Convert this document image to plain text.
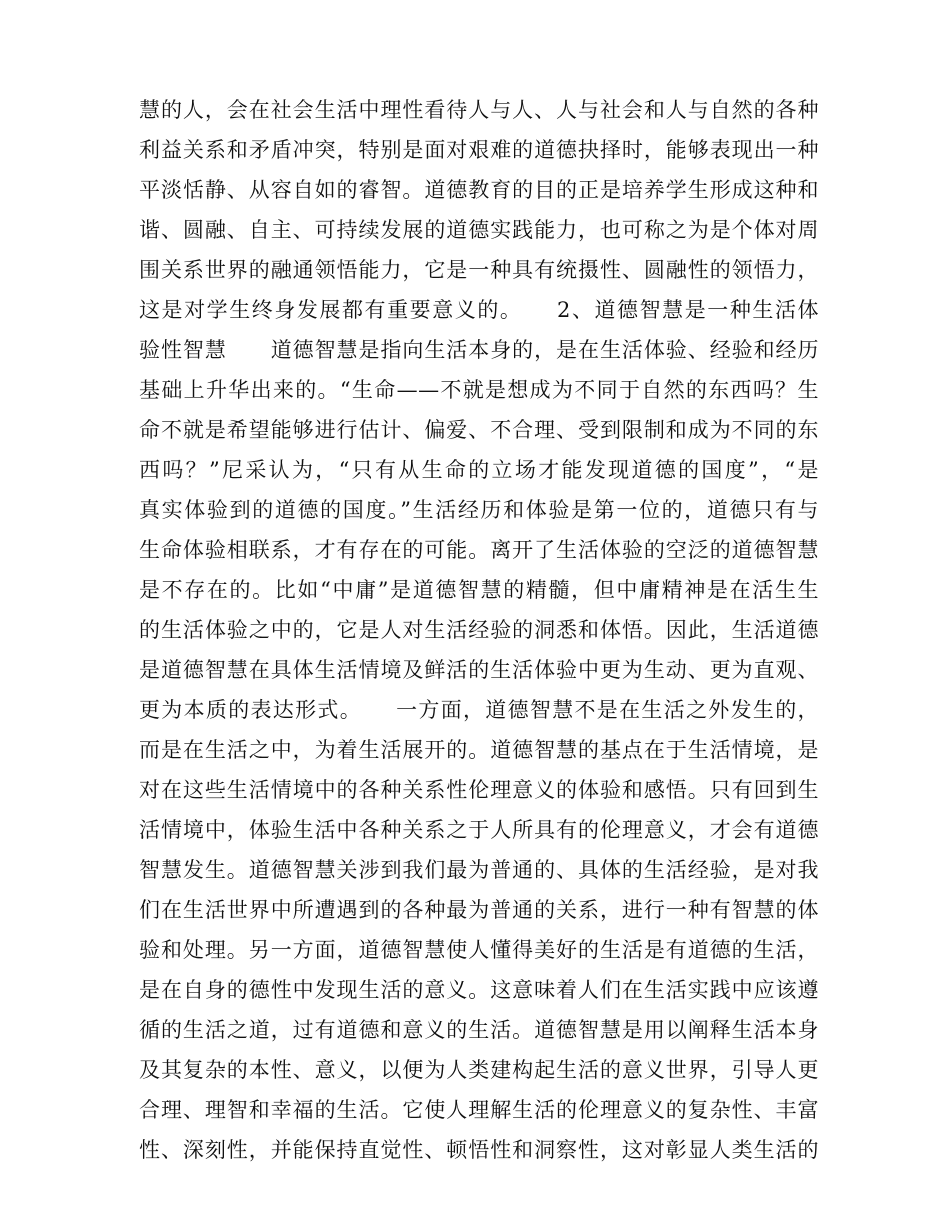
慧的人，会在社会生活中理性看待人与人、人与社会和人与自然的各种
利益关系和矛盾冲突，特别是面对艰难的道德抉择时，能够表现出一种
平淡恬静、从容自如的睿智。道德教育的目的正是培养学生形成这种和
谐、圆融、自主、可持续发展的道德实践能力，也可称之为是个体对周
围关系世界的融通领悟能力，它是一种具有统摄性、圆融性的领悟力，
这是对学生终身发展都有重要意义的。　　2、道德智慧是一种生活体
验性智慧　　道德智慧是指向生活本身的，是在生活体验、经验和经历
基础上升华出来的。“生命——不就是想成为不同于自然的东西吗？生
命不就是希望能够进行估计、偏爱、不合理、受到限制和成为不同的东
西吗？”尼采认为，“只有从生命的立场才能发现道德的国度”，“是
真实体验到的道德的国度。”生活经历和体验是第一位的，道德只有与
生命体验相联系，才有存在的可能。离开了生活体验的空泛的道德智慧
是不存在的。比如“中庸”是道德智慧的精髓，但中庸精神是在活生生
的生活体验之中的，它是人对生活经验的洞悉和体悟。因此，生活道德
是道德智慧在具体生活情境及鲜活的生活体验中更为生动、更为直观、
更为本质的表达形式。　　一方面，道德智慧不是在生活之外发生的，
而是在生活之中，为着生活展开的。道德智慧的基点在于生活情境，是
对在这些生活情境中的各种关系性伦理意义的体验和感悟。只有回到生
活情境中，体验生活中各种关系之于人所具有的伦理意义，才会有道德
智慧发生。道德智慧关涉到我们最为普通的、具体的生活经验，是对我
们在生活世界中所遭遇到的各种最为普通的关系，进行一种有智慧的体
验和处理。另一方面，道德智慧使人懂得美好的生活是有道德的生活，
是在自身的德性中发现生活的意义。这意味着人们在生活实践中应该遵
循的生活之道，过有道德和意义的生活。道德智慧是用以阐释生活本身
及其复杂的本性、意义，以便为人类建构起生活的意义世界，引导人更
合理、理智和幸福的生活。它使人理解生活的伦理意义的复杂性、丰富
性、深刻性，并能保持直觉性、顿悟性和洞察性，这对彰显人类生活的
